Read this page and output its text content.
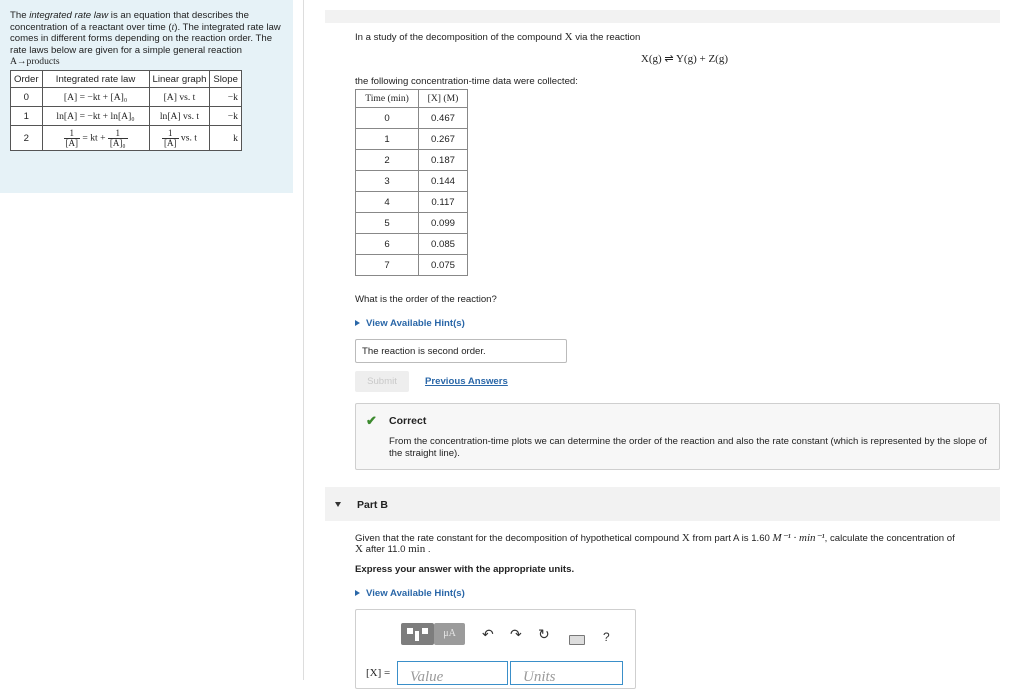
The integrated rate law is an equation that describes the concentration of a reactant over time (t). The integrated rate law comes in different forms depending on the reaction order. The rate laws below are given for a simple general reaction
A→products
Order	Integrated rate law	Linear graph	Slope
0	[A] = −kt + [A]₀	[A] vs. t	−k
1	ln[A] = −kt + ln[A]₀	ln[A] vs. t	−k
2	$\frac{1}{[A]}$ = kt + $\frac{1}{\text{[A]₀}}$	$\frac{1}{[A]}$ vs. t	k
In a study of the decomposition of the compound X via the reaction
X(g) ⇌ Y(g) + Z(g)
the following concentration-time data were collected:
Time (min)	[X] (M)
0	0.467
1	0.267
2	0.187
3	0.144
4	0.117
5	0.099
6	0.085
7	0.075
What is the order of the reaction?
View Available Hint(s)
The reaction is second order.
Submit	Previous Answers
✔ Correct
From the concentration-time plots we can determine the order of the reaction and also the rate constant (which is represented by the slope of the straight line).
Part B
Given that the rate constant for the decomposition of hypothetical compound X from part A is 1.60 M⁻¹ · min⁻¹, calculate the concentration of
X after 11.0 min .
Express your answer with the appropriate units.
View Available Hint(s)
μA	↶ ↷ ↻	?
[X] =	Value	Units
